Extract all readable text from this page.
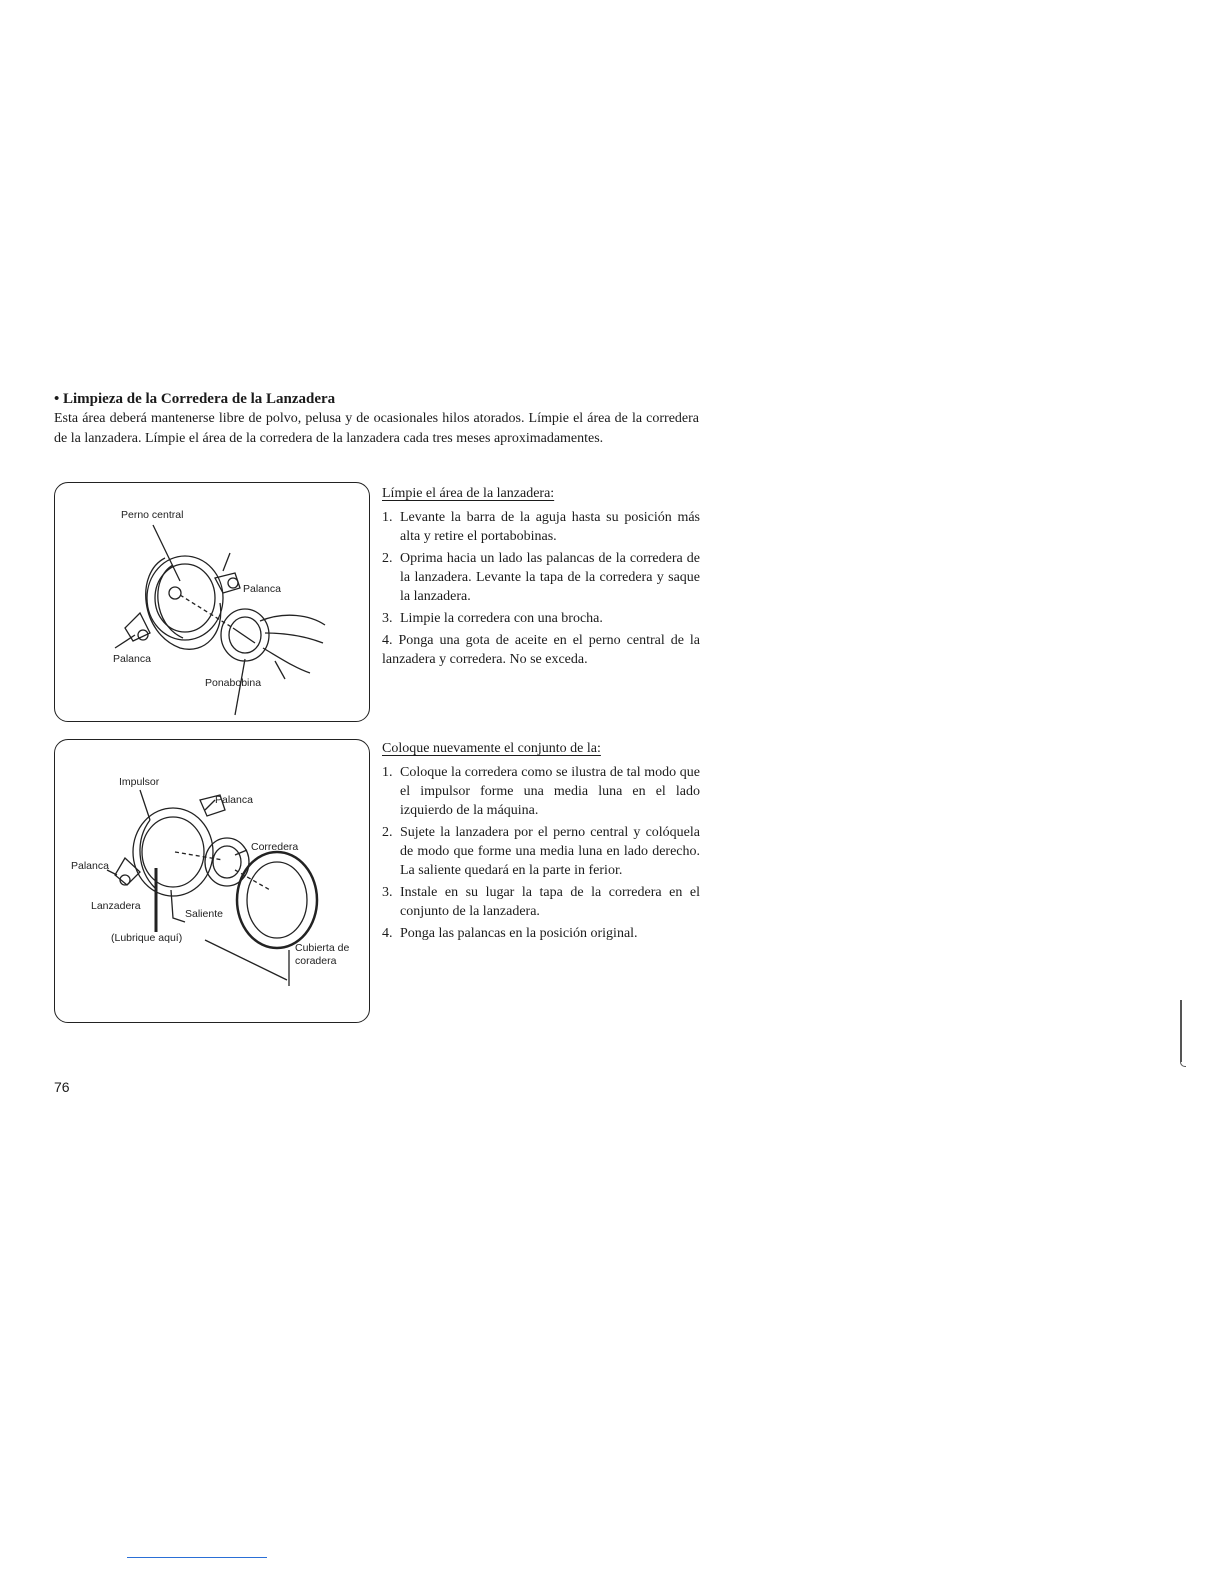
• Limpieza de la Corredera de la Lanzadera

Esta área deberá mantenerse libre de polvo, pelusa y de ocasionales hilos atorados. Límpie el área de la corredera de la lanzadera. Límpie el área de la corredera de la lanzadera cada tres meses aproximadamentes.

Perno central
Palanca
Palanca
Ponabobina
Límpie el área de la lanzadera:
1. Levante la barra de la aguja hasta su posición más alta y retire el portabobinas.
2. Oprima hacia un lado las palancas de la corredera de la lanzadera. Levante la tapa de la corredera y saque la lanzadera.
3. Limpie la corredera con una brocha.
4. Ponga una gota de aceite en el perno central de la lanzadera y corredera. No se exceda.
Impulsor
Palanca
Corredera
Palanca
Lanzadera
Saliente
(Lubrique aquí)
Cubierta de
coradera
Coloque nuevamente el conjunto de la:
1. Coloque la corredera como se ilustra de tal modo que el impulsor forme una media luna en el lado izquierdo de la máquina.
2. Sujete la lanzadera por el perno central y colóquela de modo que forme una media luna en lado derecho. La saliente quedará en la parte in ferior.
3. Instale en su lugar la tapa de la corredera en el conjunto de la lanzadera.
4. Ponga las palancas en la posición original.
76
